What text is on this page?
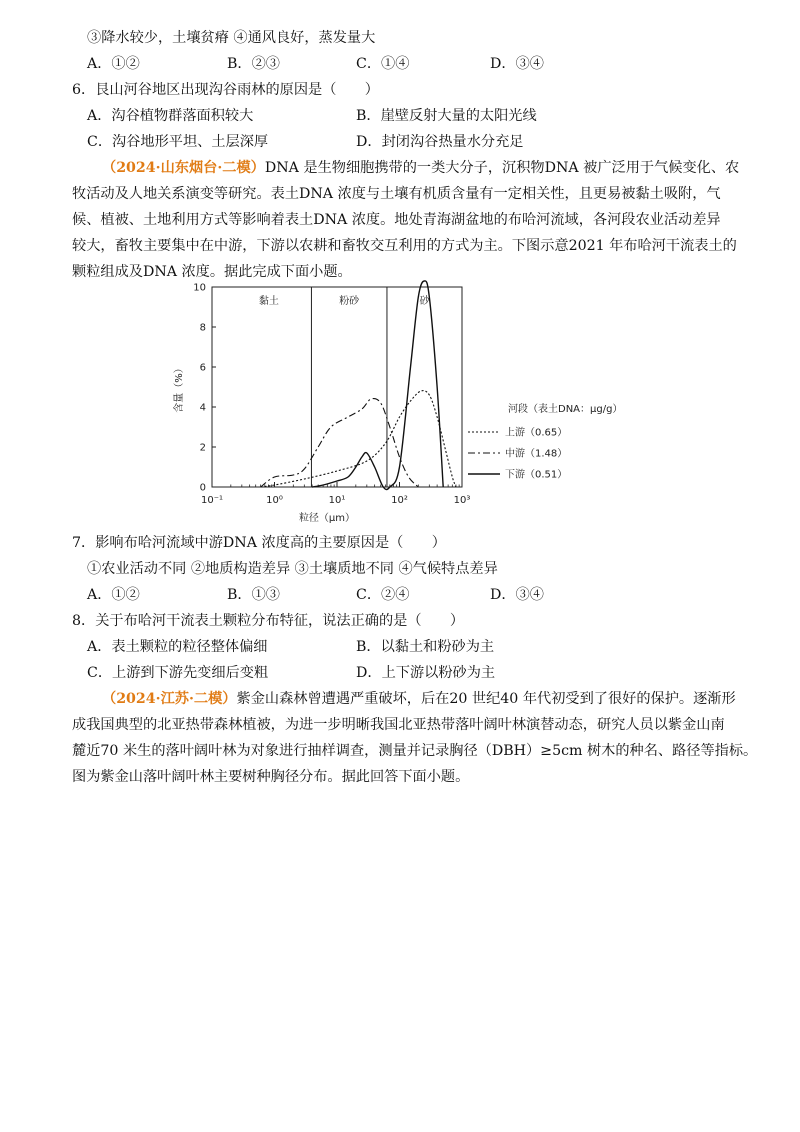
③降水较少，土壤贫瘠 ④通风良好，蒸发量大
A．①②	B．②③	C．①④	D．③④
6．艮山河谷地区出现沟谷雨林的原因是（　　）
A．沟谷植物群落面积较大	B．崖壁反射大量的太阳光线
C．沟谷地形平坦、土层深厚	D．封闭沟谷热量水分充足
（2024·山东烟台·二模）DNA 是生物细胞携带的一类大分子，沉积物DNA 被广泛用于气候变化、农
牧活动及人地关系演变等研究。表土DNA 浓度与土壤有机质含量有一定相关性，且更易被黏土吸附，气
候、植被、土地利用方式等影响着表土DNA 浓度。地处青海湖盆地的布哈河流域，各河段农业活动差异
较大，畜牧主要集中在中游，下游以农耕和畜牧交互利用的方式为主。下图示意2021 年布哈河干流表土的
颗粒组成及DNA 浓度。据此完成下面小题。
黏土	粉砂	砂
0
2
4
6
8
10
10⁻¹	10⁰	10¹	10²	10³
粒径（μm）
含量（%）	河段（表土DNA：μg/g）
上游（0.65）
中游（1.48）
下游（0.51）
7．影响布哈河流域中游DNA 浓度高的主要原因是（　　）
①农业活动不同 ②地质构造差异 ③土壤质地不同 ④气候特点差异
A．①②	B．①③	C．②④	D．③④
8．关于布哈河干流表土颗粒分布特征，说法正确的是（　　）
A．表土颗粒的粒径整体偏细	B．以黏土和粉砂为主
C．上游到下游先变细后变粗	D．上下游以粉砂为主
（2024·江苏·二模）紫金山森林曾遭遇严重破坏，后在20 世纪40 年代初受到了很好的保护。逐渐形
成我国典型的北亚热带森林植被，为进一步明晰我国北亚热带落叶阔叶林演替动态，研究人员以紫金山南
麓近70 米生的落叶阔叶林为对象进行抽样调查，测量并记录胸径（DBH）≥5cm 树木的种名、路径等指标。
图为紫金山落叶阔叶林主要树种胸径分布。据此回答下面小题。
